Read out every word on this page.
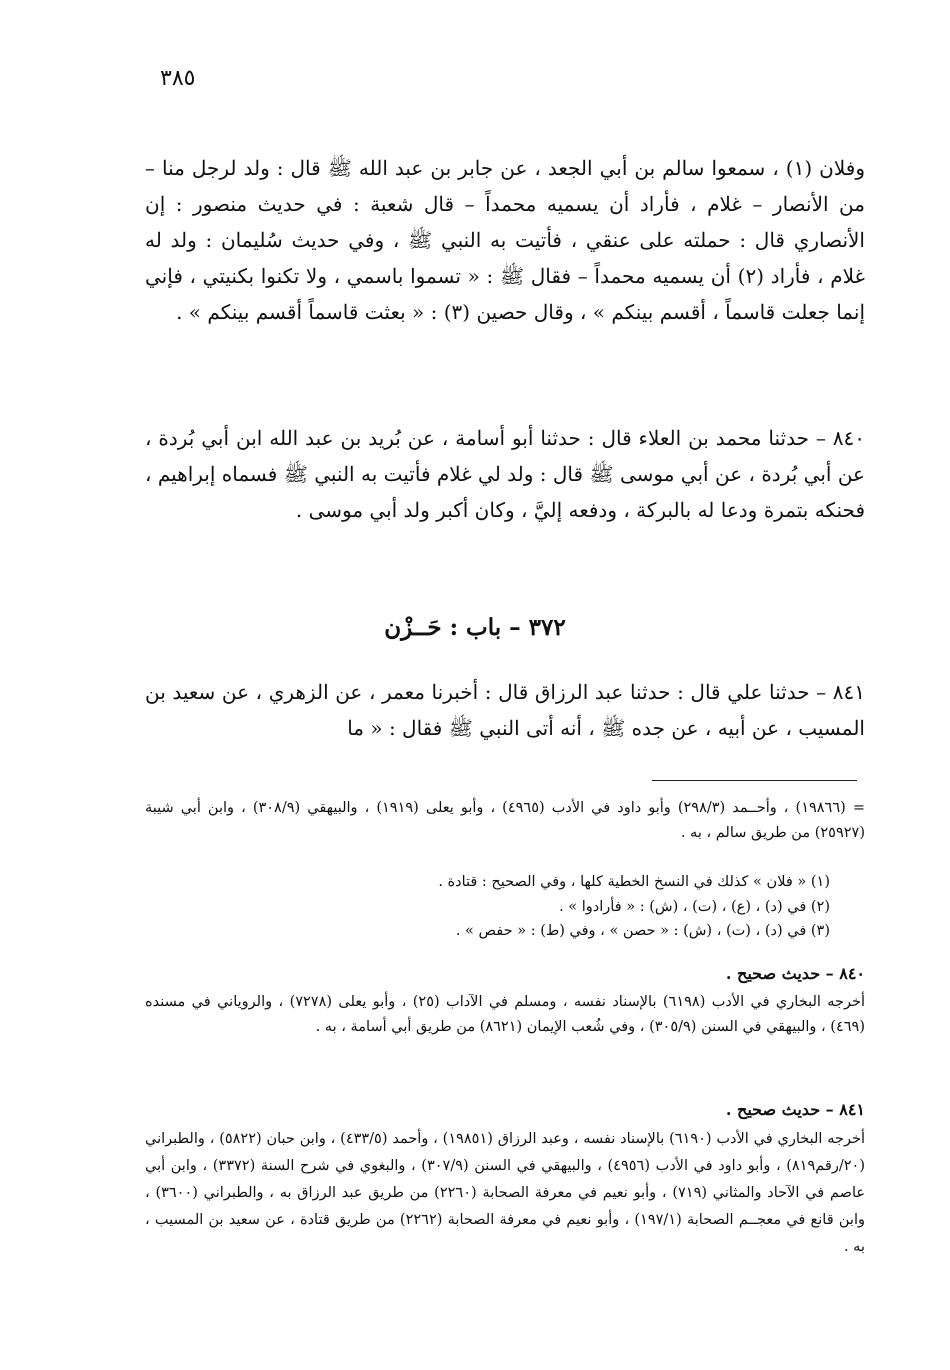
٣٨٥

وفلان (١) ، سمعوا سالم بن أبي الجعد ، عن جابر بن عبد الله ﷺ قال : ولد لرجل منا – من الأنصار – غلام ، فأراد أن يسميه محمداً – قال شعبة : في حديث منصور : إن الأنصاري قال : حملته على عنقي ، فأتيت به النبي ﷺ ، وفي حديث سُليمان : ولد له غلام ، فأراد (٢) أن يسميه محمداً – فقال ﷺ : « تسموا باسمي ، ولا تكنوا بكنيتي ، فإني إنما جعلت قاسماً ، أقسم بينكم » ، وقال حصين (٣) : « بعثت قاسماً أقسم بينكم » .

٨٤٠ – حدثنا محمد بن العلاء قال : حدثنا أبو أسامة ، عن بُريد بن عبد الله ابن أبي بُردة ، عن أبي بُردة ، عن أبي موسى ﷺ قال : ولد لي غلام فأتيت به النبي ﷺ فسماه إبراهيم ، فحنكه بتمرة ودعا له بالبركة ، ودفعه إليَّ ، وكان أكبر ولد أبي موسى .

٨٤١ – حدثنا علي قال : حدثنا عبد الرزاق قال : أخبرنا معمر ، عن الزهري ، عن سعيد بن المسيب ، عن أبيه ، عن جده ﷺ ، أنه أتى النبي ﷺ فقال : « ما

٣٧٢ – باب : حَــزْن
= (١٩٨٦٦) ، وأحــمد (٢٩٨/٣) وأبو داود في الأدب (٤٩٦٥) ، وأبو يعلى (١٩١٩) ، والبيهقي (٣٠٨/٩) ، وابن أبي شيبة (٢٥٩٢٧) من طريق سالم ، به .

(١) « فلان » كذلك في النسخ الخطية كلها ، وفي الصحيح : قتادة .

(٢) في (د) ، (ع) ، (ت) ، (ش) : « فأرادوا » .

(٣) في (د) ، (ت) ، (ش) : « حصن » ، وفي (ط) : « حفص » .

٨٤٠ – حديث صحيح .
أخرجه البخاري في الأدب (٦١٩٨) بالإسناد نفسه ، ومسلم في الآداب (٢٥) ، وأبو يعلى (٧٢٧٨) ، والروياني في مسنده (٤٦٩) ، والبيهقي في السنن (٣٠٥/٩) ، وفي شُعب الإيمان (٨٦٢١) من طريق أبي أسامة ، به .
٨٤١ – حديث صحيح .
أخرجه البخاري في الأدب (٦١٩٠) بالإسناد نفسه ، وعبد الرزاق (١٩٨٥١) ، وأحمد (٤٣٣/٥) ، وابن حبان (٥٨٢٢) ، والطبراني (٢٠/رقم٨١٩) ، وأبو داود في الأدب (٤٩٥٦) ، والبيهقي في السنن (٣٠٧/٩) ، والبغوي في شرح السنة (٣٣٧٢) ، وابن أبي عاصم في الآحاد والمثاني (٧١٩) ، وأبو نعيم في معرفة الصحابة (٢٢٦٠) من طريق عبد الرزاق به ، والطبراني (٣٦٠٠) ، وابن قانع في معجــم الصحابة (١٩٧/١) ، وأبو نعيم في معرفة الصحابة (٢٢٦٢) من طريق قتادة ، عن سعيد بن المسيب ، به .
